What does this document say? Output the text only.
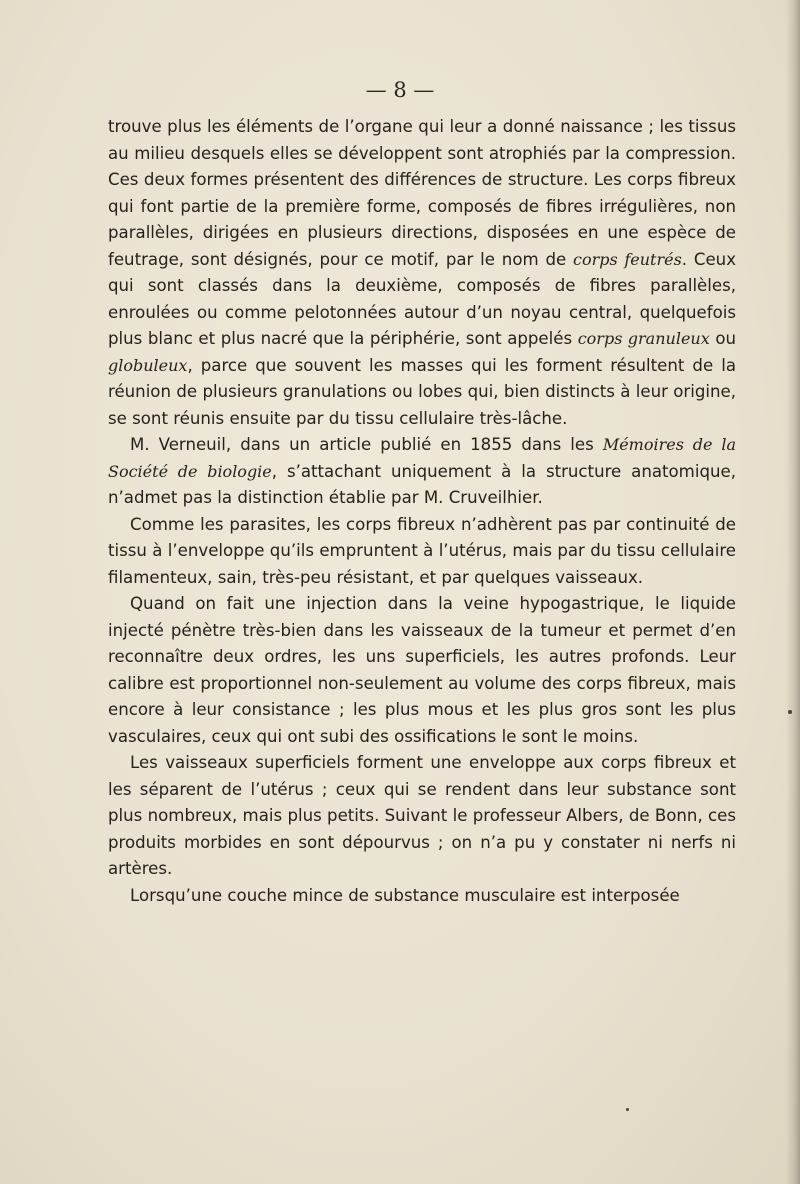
— 8 —

trouve plus les éléments de l’organe qui leur a donné naissance ; les tissus au milieu desquels elles se développent sont atrophiés par la compression. Ces deux formes présentent des différences de structure. Les corps fibreux qui font partie de la première forme, composés de fibres irrégulières, non parallèles, dirigées en plusieurs directions, disposées en une espèce de feutrage, sont désignés, pour ce motif, par le nom de corps feutrés. Ceux qui sont classés dans la deuxième, composés de fibres parallèles, enroulées ou comme pelotonnées autour d’un noyau central, quelquefois plus blanc et plus nacré que la périphérie, sont appelés corps granuleux ou globuleux, parce que souvent les masses qui les forment résultent de la réunion de plusieurs granulations ou lobes qui, bien distincts à leur origine, se sont réunis ensuite par du tissu cellulaire très-lâche.

M. Verneuil, dans un article publié en 1855 dans les Mémoires de la Société de biologie, s’attachant uniquement à la structure anatomique, n’admet pas la distinction établie par M. Cruveilhier.

Comme les parasites, les corps fibreux n’adhèrent pas par continuité de tissu à l’enveloppe qu’ils empruntent à l’utérus, mais par du tissu cellulaire filamenteux, sain, très-peu résistant, et par quelques vaisseaux.

Quand on fait une injection dans la veine hypogastrique, le liquide injecté pénètre très-bien dans les vaisseaux de la tumeur et permet d’en reconnaître deux ordres, les uns superficiels, les autres profonds. Leur calibre est proportionnel non-seulement au volume des corps fibreux, mais encore à leur consistance ; les plus mous et les plus gros sont les plus vasculaires, ceux qui ont subi des ossifications le sont le moins.

Les vaisseaux superficiels forment une enveloppe aux corps fibreux et les séparent de l’utérus ; ceux qui se rendent dans leur substance sont plus nombreux, mais plus petits. Suivant le professeur Albers, de Bonn, ces produits morbides en sont dépourvus ; on n’a pu y constater ni nerfs ni artères.

Lorsqu’une couche mince de substance musculaire est interposée
